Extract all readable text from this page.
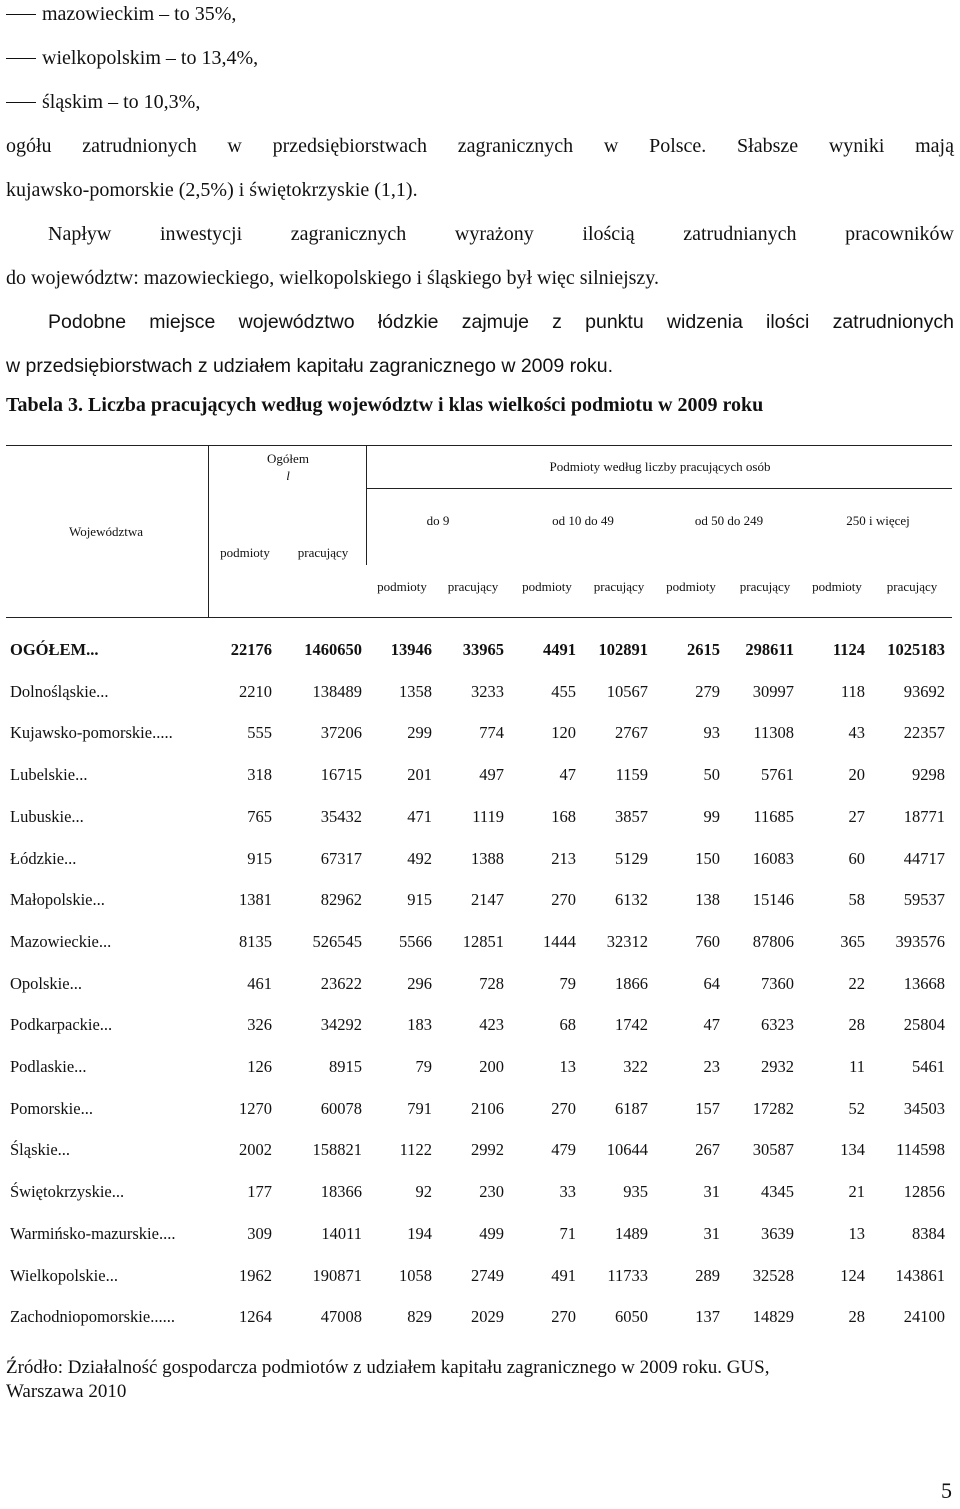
mazowieckim – to 35%,
wielkopolskim – to 13,4%,
śląskim – to 10,3%,
ogółu zatrudnionych w przedsiębiorstwach zagranicznych w Polsce. Słabsze wyniki mają
kujawsko-pomorskie (2,5%) i świętokrzyskie (1,1).
Napływ inwestycji zagranicznych wyrażony ilością zatrudnianych pracowników
do województw: mazowieckiego, wielkopolskiego i śląskiego był więc silniejszy.
Podobne miejsce województwo łódzkie zajmuje z punktu widzenia ilości zatrudnionych
w przedsiębiorstwach z udziałem kapitału zagranicznego w 2009 roku.
Tabela 3. Liczba pracujących według województw i klas wielkości podmiotu w 2009 roku
Województwa
Ogółem
l
Podmioty według liczby pracujących osób
podmioty	pracujący
do 9	od 10 do 49	od 50 do 249	250 i więcej
podmioty	pracujący	podmioty	pracujący	podmioty	pracujący	podmioty	pracujący
OGÓŁEM...	22176	1460650	13946	33965	4491	102891	2615	298611	1124	1025183
Dolnośląskie...	2210	138489	1358	3233	455	10567	279	30997	118	93692
Kujawsko-pomorskie.....	555	37206	299	774	120	2767	93	11308	43	22357
Lubelskie...	318	16715	201	497	47	1159	50	5761	20	9298
Lubuskie...	765	35432	471	1119	168	3857	99	11685	27	18771
Łódzkie...	915	67317	492	1388	213	5129	150	16083	60	44717
Małopolskie...	1381	82962	915	2147	270	6132	138	15146	58	59537
Mazowieckie...	8135	526545	5566	12851	1444	32312	760	87806	365	393576
Opolskie...	461	23622	296	728	79	1866	64	7360	22	13668
Podkarpackie...	326	34292	183	423	68	1742	47	6323	28	25804
Podlaskie...	126	8915	79	200	13	322	23	2932	11	5461
Pomorskie...	1270	60078	791	2106	270	6187	157	17282	52	34503
Śląskie...	2002	158821	1122	2992	479	10644	267	30587	134	114598
Świętokrzyskie...	177	18366	92	230	33	935	31	4345	21	12856
Warmińsko-mazurskie....	309	14011	194	499	71	1489	31	3639	13	8384
Wielkopolskie...	1962	190871	1058	2749	491	11733	289	32528	124	143861
Zachodniopomorskie......	1264	47008	829	2029	270	6050	137	14829	28	24100
Źródło: Działalność gospodarcza podmiotów z udziałem kapitału zagranicznego w 2009 roku. GUS,
Warszawa 2010
5
